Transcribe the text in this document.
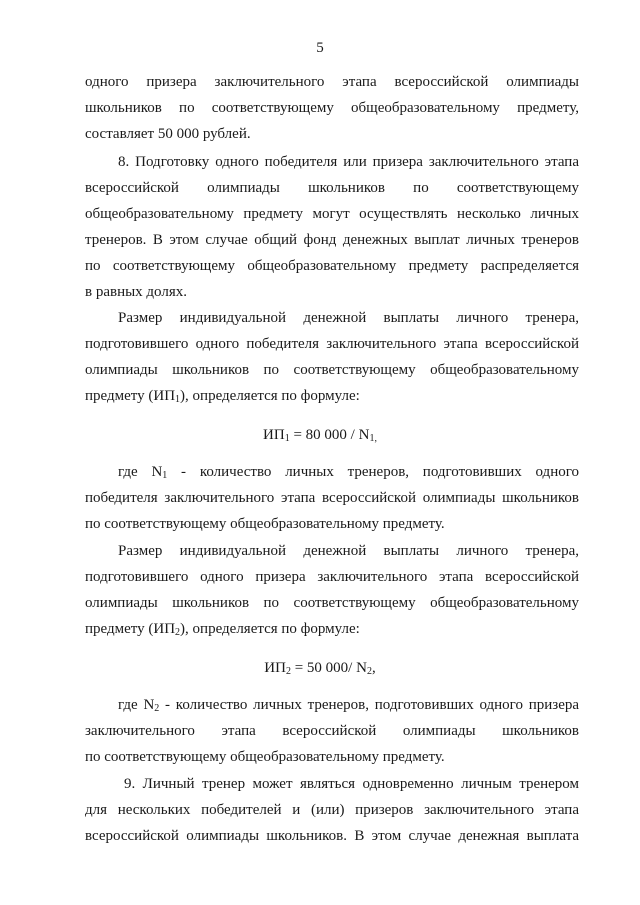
5
одного призера заключительного этапа всероссийской олимпиады
школьников по соответствующему общеобразовательному предмету,
составляет 50 000 рублей.
8. Подготовку одного победителя или призера заключительного этапа
всероссийской олимпиады школьников по соответствующему
общеобразовательному предмету могут осуществлять несколько личных
тренеров. В этом случае общий фонд денежных выплат личных тренеров
по соответствующему общеобразовательному предмету распределяется
в равных долях.
Размер индивидуальной денежной выплаты личного тренера,
подготовившего одного победителя заключительного этапа всероссийской
олимпиады школьников по соответствующему общеобразовательному
предмету $(ИП_1)$, определяется по формуле:
$ИП_1 = 80$ $000 / N_{1,}$
где $N_1$ - количество личных тренеров, подготовивших одного
победителя заключительного этапа всероссийской олимпиады школьников
по соответствующему общеобразовательному предмету.
Размер индивидуальной денежной выплаты личного тренера,
подготовившего одного призера заключительного этапа всероссийской
олимпиады школьников по соответствующему общеобразовательному
предмету $(ИП_2)$, определяется по формуле:
$ИП_2 = 50$ 000/ $N_2$,
где $N_2$ - количество личных тренеров, подготовивших одного призера
заключительного этапа всероссийской олимпиады школьников
по соответствующему общеобразовательному предмету.
9. Личный тренер может являться одновременно личным тренером
для нескольких победителей и (или) призеров заключительного этапа
всероссийской олимпиады школьников. В этом случае денежная выплата
